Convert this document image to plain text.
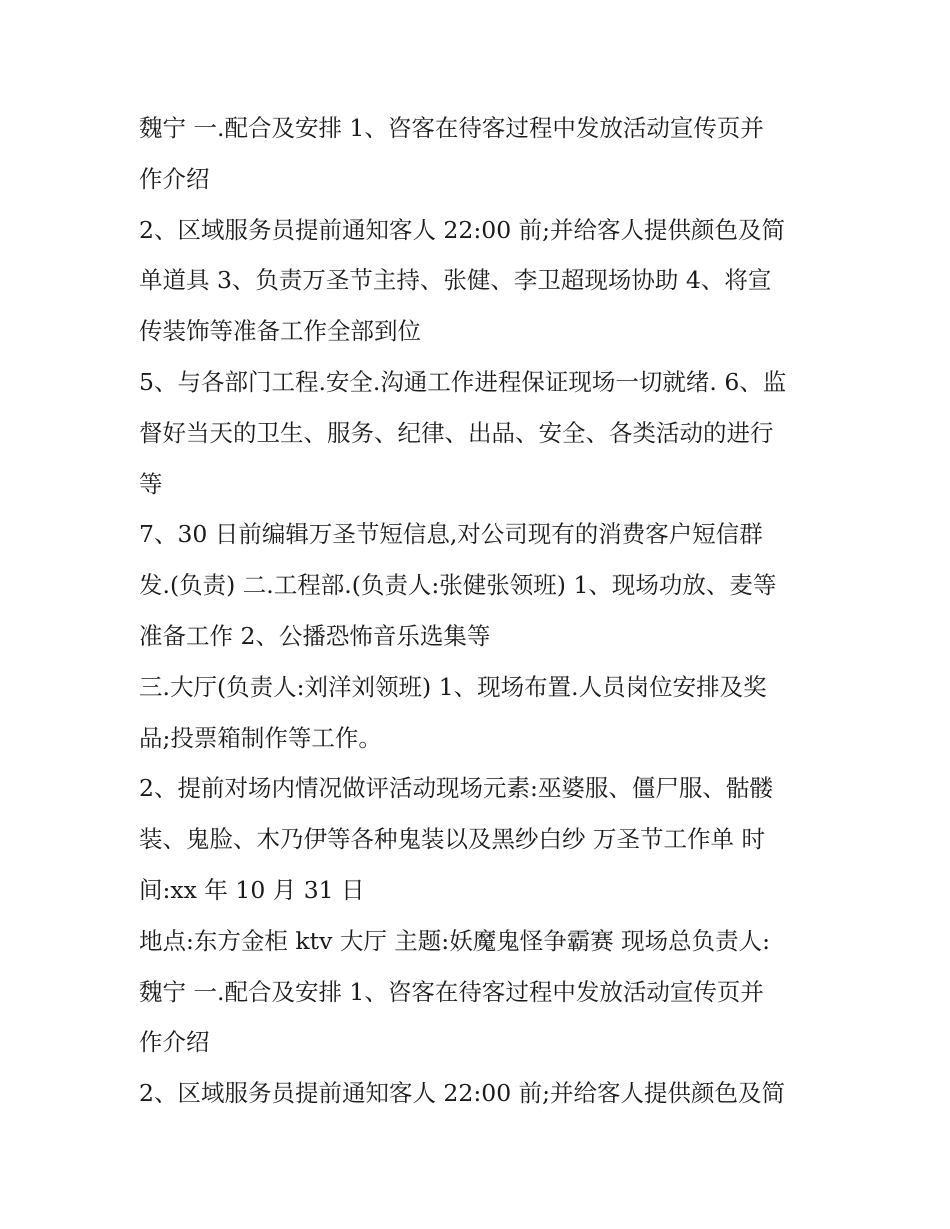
魏宁 一.配合及安排 1、咨客在待客过程中发放活动宣传页并
作介绍

2、区域服务员提前通知客人 22:00 前;并给客人提供颜色及简
单道具 3、负责万圣节主持、张健、李卫超现场协助 4、将宣
传装饰等准备工作全部到位

5、与各部门工程.安全.沟通工作进程保证现场一切就绪. 6、监
督好当天的卫生、服务、纪律、出品、安全、各类活动的进行
等

7、30 日前编辑万圣节短信息,对公司现有的消费客户短信群
发.(负责) 二.工程部.(负责人:张健张领班) 1、现场功放、麦等
准备工作 2、公播恐怖音乐选集等

三.大厅(负责人:刘洋刘领班) 1、现场布置.人员岗位安排及奖
品;投票箱制作等工作。

2、提前对场内情况做评活动现场元素:巫婆服、僵尸服、骷髅
装、鬼脸、木乃伊等各种鬼装以及黑纱白纱 万圣节工作单 时
间:xx 年 10 月 31 日

地点:东方金柜 ktv 大厅 主题:妖魔鬼怪争霸赛 现场总负责人:
魏宁 一.配合及安排 1、咨客在待客过程中发放活动宣传页并
作介绍

2、区域服务员提前通知客人 22:00 前;并给客人提供颜色及简
